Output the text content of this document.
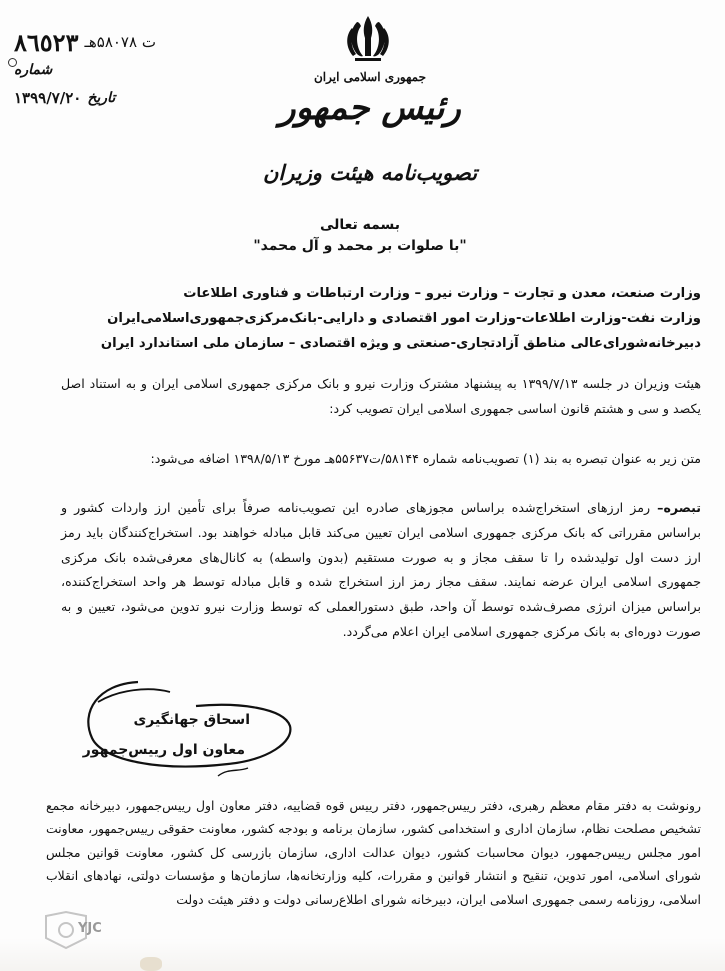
ت ۵٨٠٧٨هـ
٨٦٥٢٣
شماره
تاریخ
۱۳۹۹/۷/۲۰
جمهوری اسلامی ایران
رئیس جمهور
تصویب‌نامه هیئت وزیران
بسمه تعالی
"با صلوات بر محمد و آل محمد"
وزارت صنعت، معدن و تجارت – وزارت نیرو – وزارت ارتباطات و فناوری اطلاعات
وزارت نفت-وزارت اطلاعات-وزارت امور اقتصادی و دارایی-بانک‌مرکزی‌جمهوری‌اسلامی‌ایران
دبیرخانه‌شورای‌عالی مناطق آزادتجاری-صنعتی و ویژه اقتصادی – سازمان ملی استاندارد ایران
هیئت وزیران در جلسه ۱۳۹۹/۷/۱۳ به پیشنهاد مشترک وزارت نیرو و بانک مرکزی جمهوری اسلامی ایران و به استناد اصل یکصد و سی و هشتم قانون اساسی جمهوری اسلامی ایران تصویب کرد:
متن زیر به عنوان تبصره به بند (۱) تصویب‌نامه شماره ۵۸۱۴۴/ت۵۵۶۳۷هـ مورخ ۱۳۹۸/۵/۱۳ اضافه می‌شود:
تبصره– رمز ارزهای استخراج‌شده براساس مجوزهای صادره این تصویب‌نامه صرفاً برای تأمین ارز واردات کشور و براساس مقرراتی که بانک مرکزی جمهوری اسلامی ایران تعیین می‌کند قابل مبادله خواهند بود. استخراج‌کنندگان باید رمز ارز دست اول تولیدشده را تا سقف مجاز و به صورت مستقیم (بدون واسطه) به کانال‌های معرفی‌شده بانک مرکزی جمهوری اسلامی ایران عرضه نمایند. سقف مجاز رمز ارز استخراج شده و قابل مبادله توسط هر واحد استخراج‌کننده، براساس میزان انرژی مصرف‌شده توسط آن واحد، طبق دستورالعملی که توسط وزارت نیرو تدوین می‌شود، تعیین و به صورت دوره‌ای به بانک مرکزی جمهوری اسلامی ایران اعلام می‌گردد.
اسحاق جهانگیری
معاون اول رییس‌جمهور
رونوشت به دفتر مقام معظم رهبری، دفتر رییس‌جمهور، دفتر رییس قوه قضاییه، دفتر معاون اول رییس‌جمهور، دبیرخانه مجمع تشخیص مصلحت نظام، سازمان اداری و استخدامی کشور، سازمان برنامه و بودجه کشور، معاونت حقوقی رییس‌جمهور، معاونت امور مجلس رییس‌جمهور، دیوان محاسبات کشور، دیوان عدالت اداری، سازمان بازرسی کل کشور، معاونت قوانین مجلس شورای اسلامی، امور تدوین، تنقیح و انتشار قوانین و مقررات، کلیه وزارتخانه‌ها، سازمان‌ها و مؤسسات دولتی، نهادهای انقلاب اسلامی، روزنامه رسمی جمهوری اسلامی ایران، دبیرخانه شورای اطلاع‌رسانی دولت و دفتر هیئت دولت
YJC
